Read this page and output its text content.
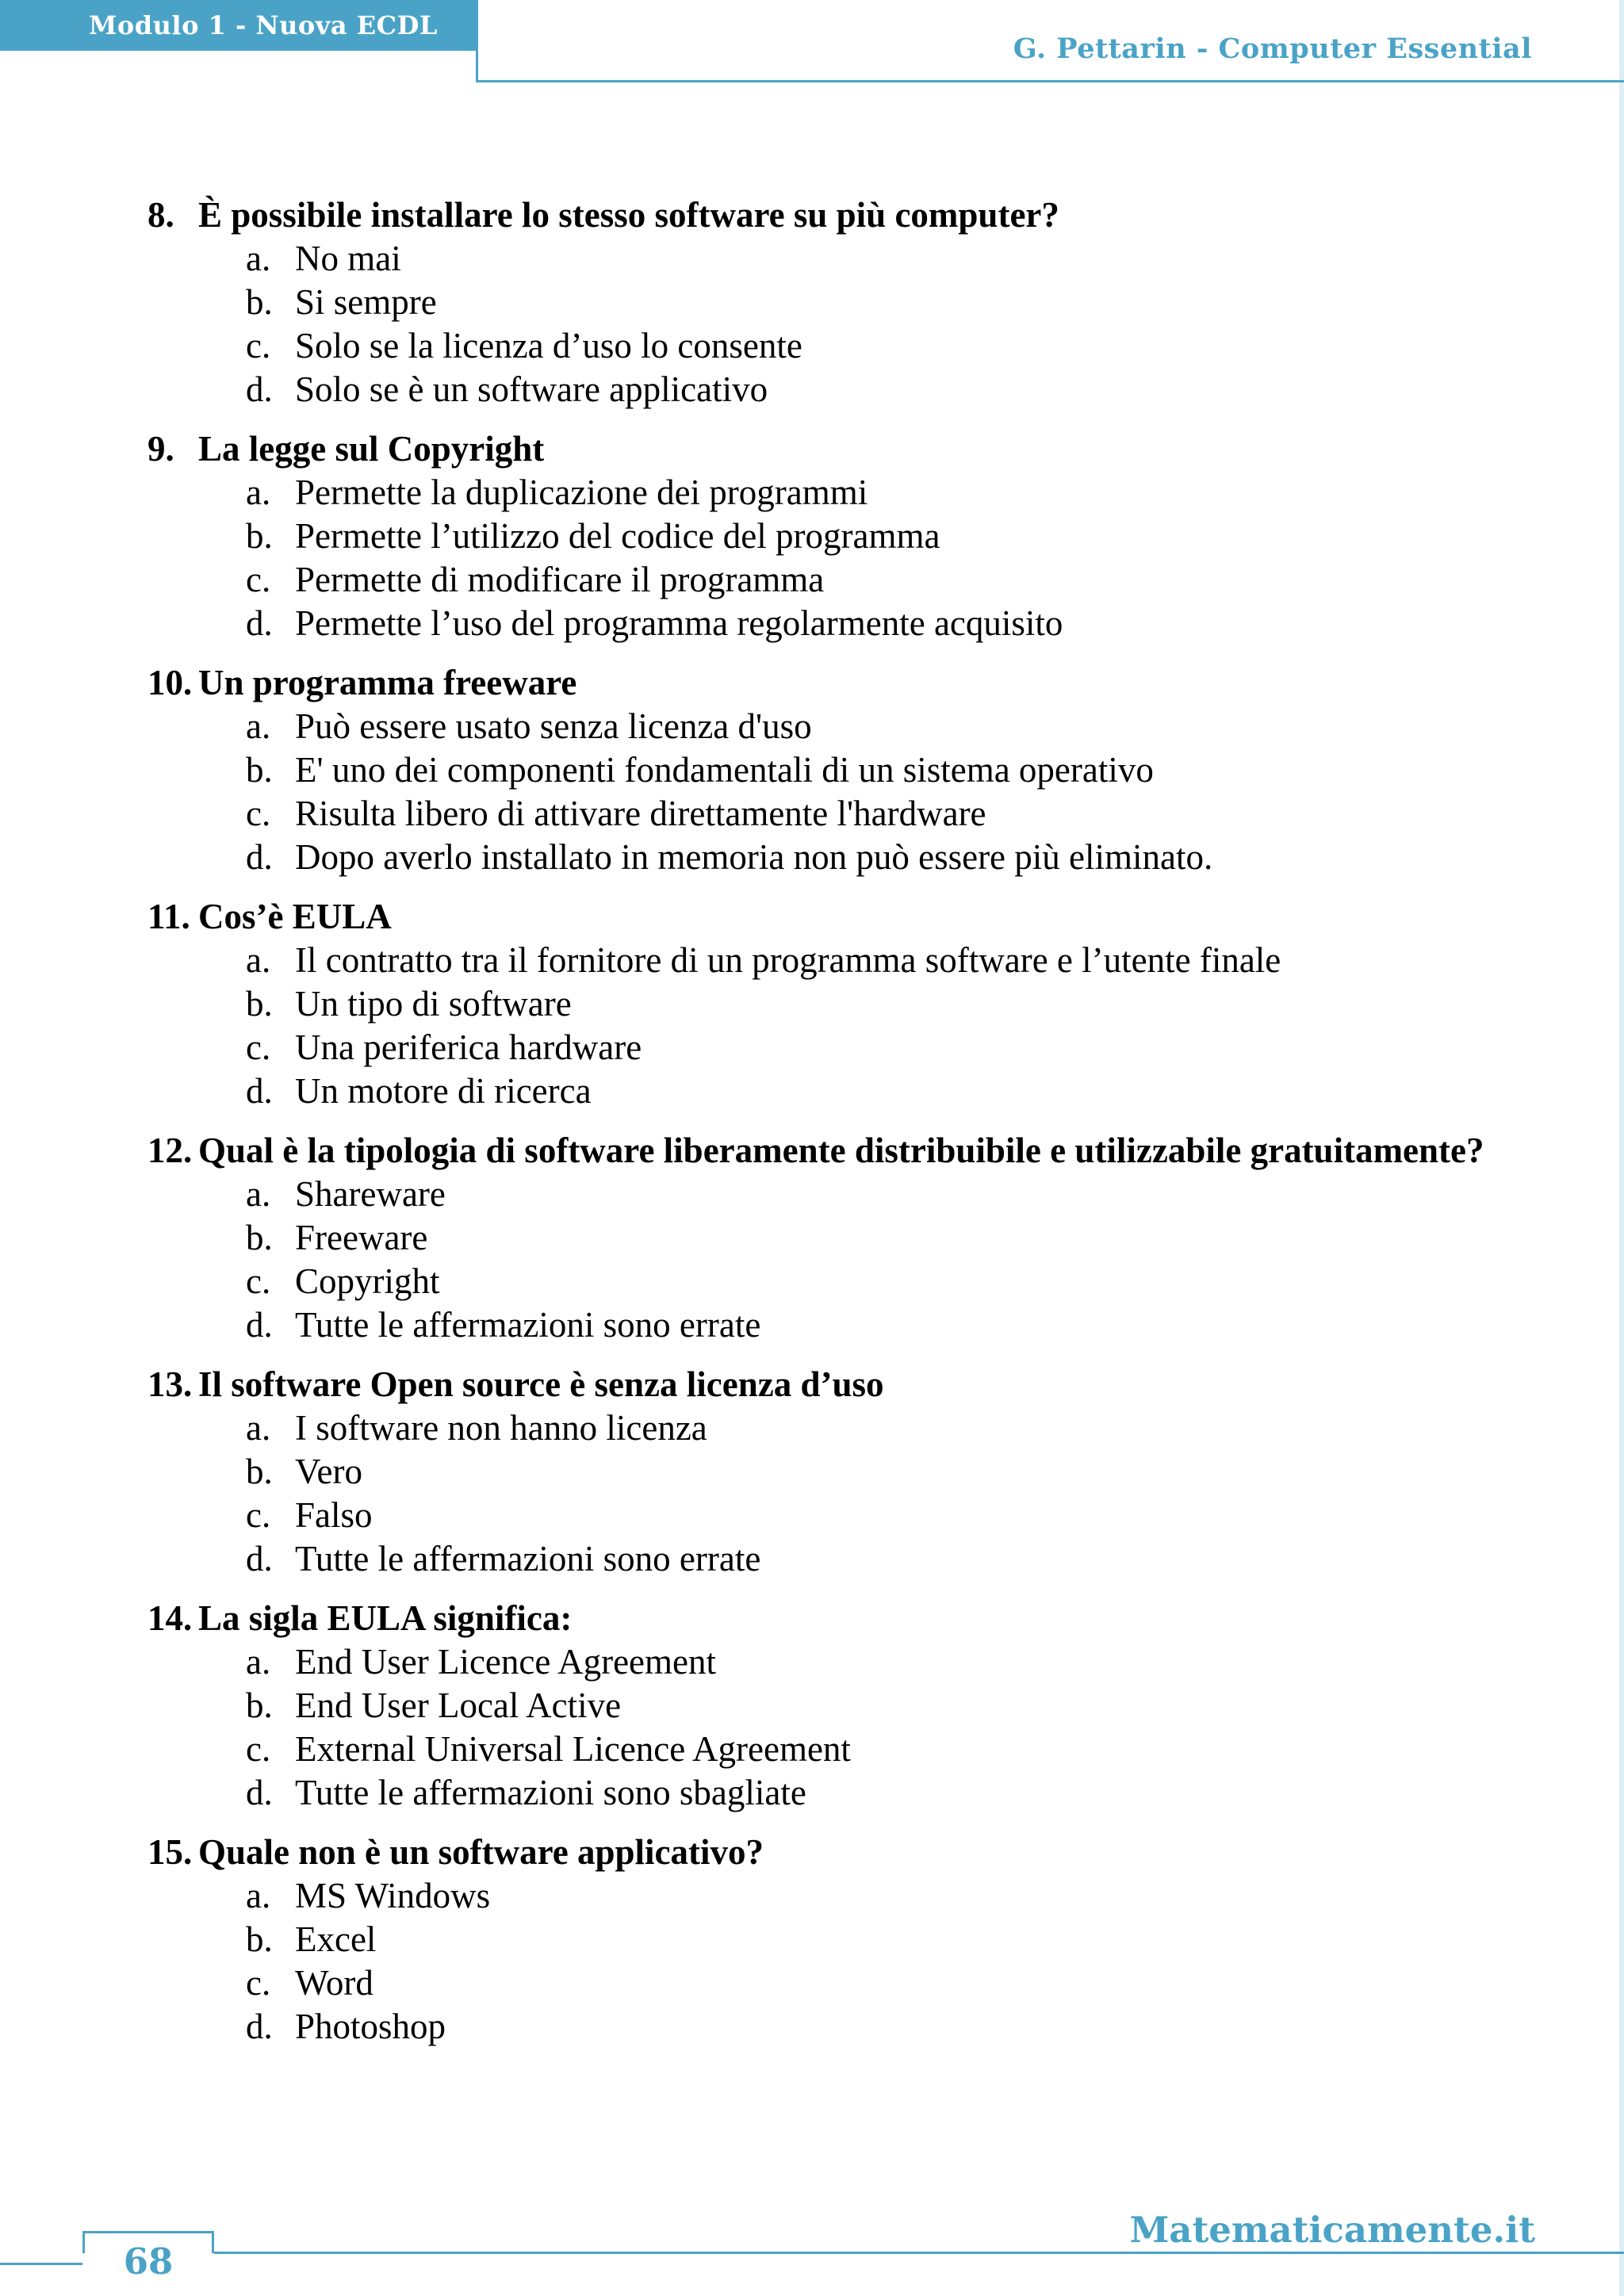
Modulo 1 - Nuova ECDL
G. Pettarin - Computer Essential
8. È possibile installare lo stesso software su più computer?
a. No mai
b. Si sempre
c. Solo se la licenza d’uso lo consente
d. Solo se è un software applicativo
9. La legge sul Copyright
a. Permette la duplicazione dei programmi
b. Permette l’utilizzo del codice del programma
c. Permette di modificare il programma
d. Permette l’uso del programma regolarmente acquisito
10. Un programma freeware
a. Può essere usato senza licenza d'uso
b. E' uno dei componenti fondamentali di un sistema operativo
c. Risulta libero di attivare direttamente l'hardware
d. Dopo averlo installato in memoria non può essere più eliminato.
11. Cos’è EULA
a. Il contratto tra il fornitore di un programma software e l’utente finale
b. Un tipo di software
c. Una periferica hardware
d. Un motore di ricerca
12. Qual è la tipologia di software liberamente distribuibile e utilizzabile gratuitamente?
a. Shareware
b. Freeware
c. Copyright
d. Tutte le affermazioni sono errate
13. Il software Open source è senza licenza d’uso
a. I software non hanno licenza
b. Vero
c. Falso
d. Tutte le affermazioni sono errate
14. La sigla EULA significa:
a. End User Licence Agreement
b. End User Local Active
c. External Universal Licence Agreement
d. Tutte le affermazioni sono sbagliate
15. Quale non è un software applicativo?
a. MS Windows
b. Excel
c. Word
d. Photoshop
68
Matematicamente.it
